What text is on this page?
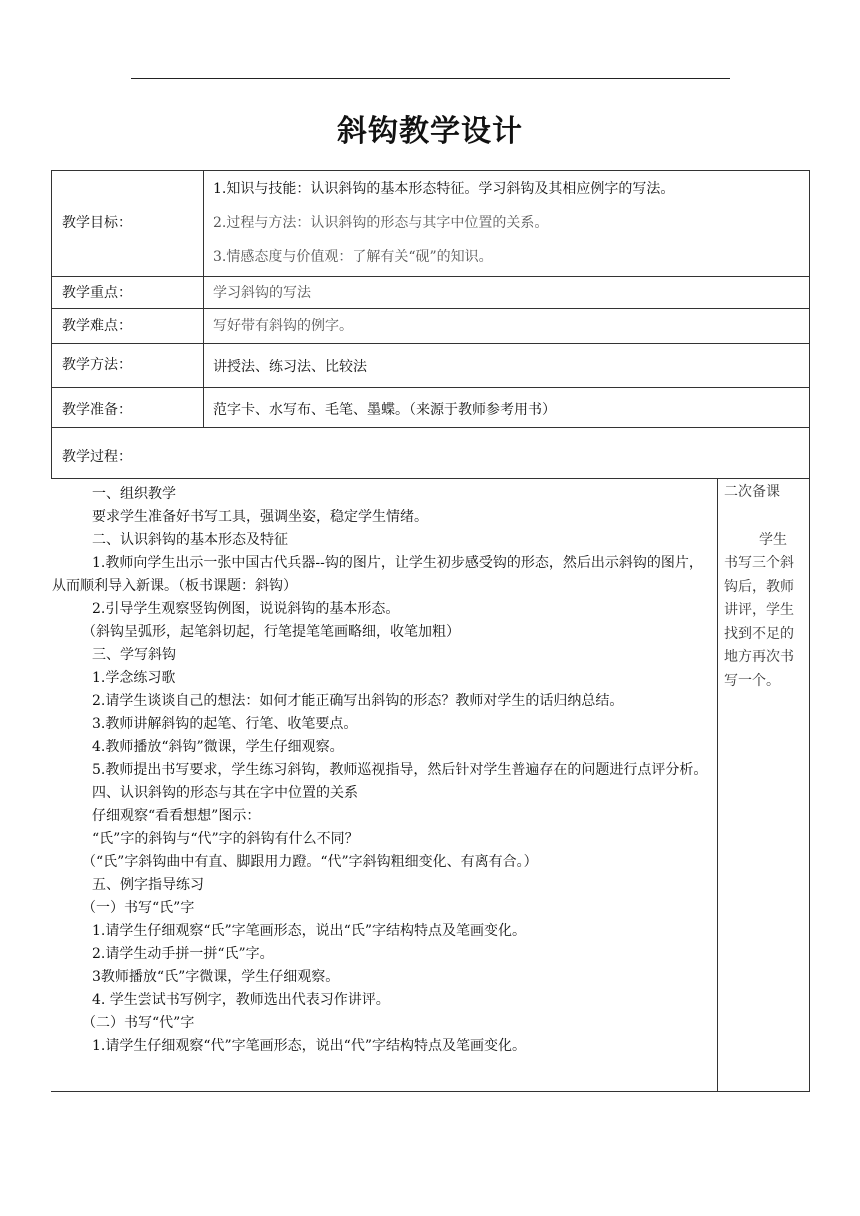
斜钩教学设计
教学目标：
1.知识与技能：认识斜钩的基本形态特征。学习斜钩及其相应例字的写法。
2.过程与方法：认识斜钩的形态与其字中位置的关系。
3.情感态度与价值观：了解有关“砚”的知识。
教学重点：	学习斜钩的写法
教学难点：	写好带有斜钩的例字。
教学方法：	讲授法、练习法、比较法
教学准备：	范字卡、水写布、毛笔、墨蝶。（来源于教师参考用书）
教学过程：

一、组织教学

要求学生准备好书写工具，强调坐姿，稳定学生情绪。

二、认识斜钩的基本形态及特征

1.教师向学生出示一张中国古代兵器--钩的图片，让学生初步感受钩的形态，然后出示斜钩的图片，从而顺利导入新课。（板书课题：斜钩）

2.引导学生观察竖钩例图，说说斜钩的基本形态。

（斜钩呈弧形，起笔斜切起，行笔提笔笔画略细，收笔加粗）

三、学写斜钩

1.学念练习歌

2.请学生谈谈自己的想法：如何才能正确写出斜钩的形态？教师对学生的话归纳总结。

3.教师讲解斜钩的起笔、行笔、收笔要点。

4.教师播放“斜钩”微课，学生仔细观察。

5.教师提出书写要求，学生练习斜钩，教师巡视指导，然后针对学生普遍存在的问题进行点评分析。

四、认识斜钩的形态与其在字中位置的关系

仔细观察“看看想想”图示：

“氏”字的斜钩与“代”字的斜钩有什么不同？

（“氏”字斜钩曲中有直、脚跟用力蹬。“代”字斜钩粗细变化、有离有合。）

五、例字指导练习

（一）书写“氏”字

1.请学生仔细观察“氏”字笔画形态，说出“氏”字结构特点及笔画变化。

2.请学生动手拼一拼“氏”字。

3教师播放“氏”字微课，学生仔细观察。

4. 学生尝试书写例字，教师选出代表习作讲评。

（二）书写“代”字

1.请学生仔细观察“代”字笔画形态，说出“代”字结构特点及笔画变化。

二次备课
学生书写三个斜钩后，教师讲评，学生找到不足的地方再次书写一个。
